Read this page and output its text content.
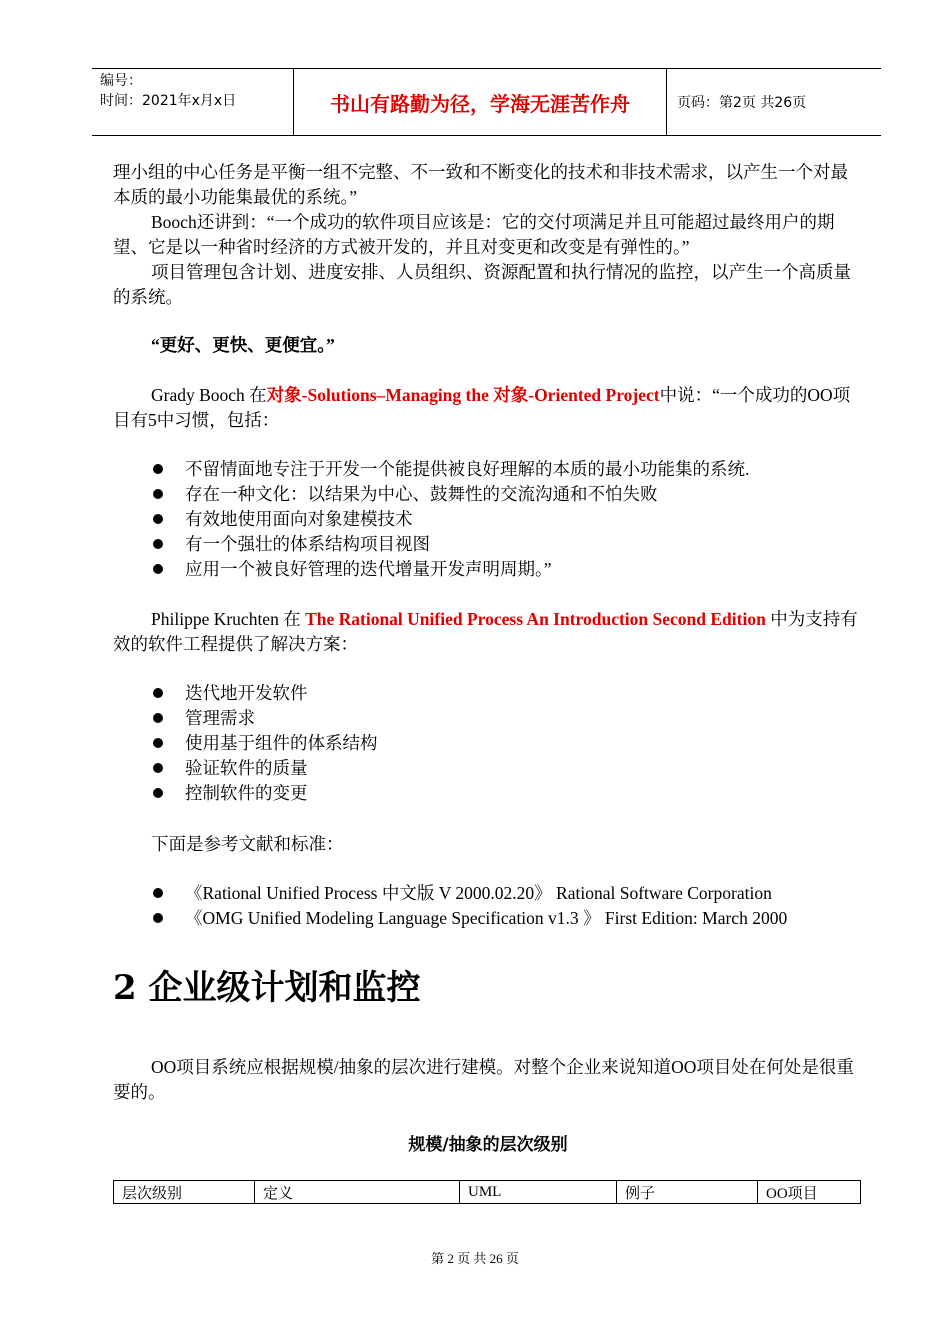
编号：
时间：2021年x月x日	书山有路勤为径，学海无涯苦作舟	页码：第2页 共26页

理小组的中心任务是平衡一组不完整、不一致和不断变化的技术和非技术需求，以产生一个对最本质的最小功能集最优的系统。”

Booch还讲到：“一个成功的软件项目应该是：它的交付项满足并且可能超过最终用户的期望、它是以一种省时经济的方式被开发的，并且对变更和改变是有弹性的。”

项目管理包含计划、进度安排、人员组织、资源配置和执行情况的监控，以产生一个高质量的系统。

“更好、更快、更便宜。”

Grady Booch 在对象-Solutions–Managing the 对象-Oriented Project中说：“一个成功的OO项目有5中习惯，包括：

不留情面地专注于开发一个能提供被良好理解的本质的最小功能集的系统.
存在一种文化：以结果为中心、鼓舞性的交流沟通和不怕失败
有效地使用面向对象建模技术
有一个强壮的体系结构项目视图
应用一个被良好管理的迭代增量开发声明周期。”

Philippe Kruchten 在 The Rational Unified Process An Introduction Second Edition 中为支持有效的软件工程提供了解决方案：

迭代地开发软件
管理需求
使用基于组件的体系结构
验证软件的质量
控制软件的变更

下面是参考文献和标准：

《Rational Unified Process 中文版 V 2000.02.20》 Rational Software Corporation
《OMG Unified Modeling Language Specification v1.3 》 First Edition: March 2000
2 企业级计划和监控

OO项目系统应根据规模/抽象的层次进行建模。对整个企业来说知道OO项目处在何处是很重要的。

规模/抽象的层次级别
层次级别	定义	UML	例子	OO项目
第 2 页 共 26 页
